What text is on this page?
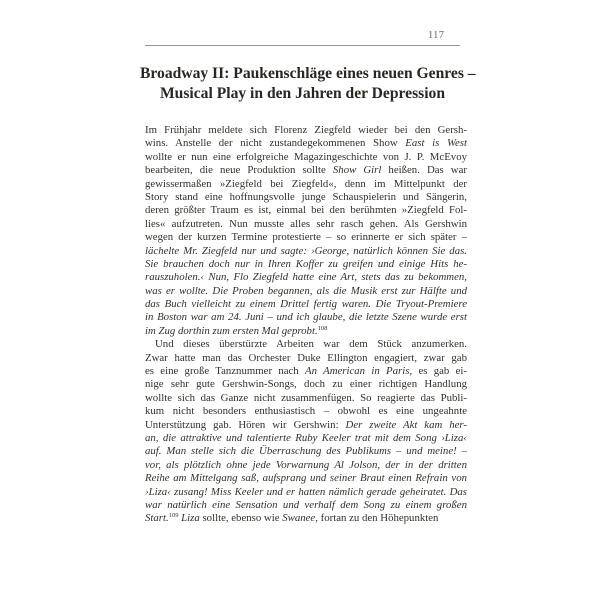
117
Broadway II: Paukenschläge eines neuen Genres –
Musical Play in den Jahren der Depression
Im Frühjahr meldete sich Florenz Ziegfeld wieder bei den Gersh-
wins. Anstelle der nicht zustandegekommenen Show East is West
wollte er nun eine erfolgreiche Magazingeschichte von J. P. McEvoy
bearbeiten, die neue Produktion sollte Show Girl heißen. Das war
gewissermaßen »Ziegfeld bei Ziegfeld«, denn im Mittelpunkt der
Story stand eine hoffnungsvolle junge Schauspielerin und Sängerin,
deren größter Traum es ist, einmal bei den berühmten »Ziegfeld Fol-
lies« aufzutreten. Nun musste alles sehr rasch gehen. Als Gershwin
wegen der kurzen Termine protestierte – so erinnerte er sich später –
lächelte Mr. Ziegfeld nur und sagte: ›George, natürlich können Sie das.
Sie brauchen doch nur in Ihren Koffer zu greifen und einige Hits he-
rauszuholen.‹ Nun, Flo Ziegfeld hatte eine Art, stets das zu bekommen,
was er wollte. Die Proben begannen, als die Musik erst zur Hälfte und
das Buch vielleicht zu einem Drittel fertig waren. Die Tryout-Premiere
in Boston war am 24. Juni – und ich glaube, die letzte Szene wurde erst
im Zug dorthin zum ersten Mal geprobt.$^{108}$
Und dieses überstürzte Arbeiten war dem Stück anzumerken.
Zwar hatte man das Orchester Duke Ellington engagiert, zwar gab
es eine große Tanznummer nach An American in Paris, es gab ei-
nige sehr gute Gershwin-Songs, doch zu einer richtigen Handlung
wollte sich das Ganze nicht zusammenfügen. So reagierte das Publi-
kum nicht besonders enthusiastisch – obwohl es eine ungeahnte
Unterstützung gab. Hören wir Gershwin: Der zweite Akt kam her-
an, die attraktive und talentierte Ruby Keeler trat mit dem Song ›Liza‹
auf. Man stelle sich die Überraschung des Publikums – und meine! –
vor, als plötzlich ohne jede Vorwarnung Al Jolson, der in der dritten
Reihe am Mittelgang saß, aufsprang und seiner Braut einen Refrain von
›Liza‹ zusang! Miss Keeler und er hatten nämlich gerade geheiratet. Das
war natürlich eine Sensation und verhalf dem Song zu einem großen
Start.$^{109}$ Liza sollte, ebenso wie Swanee, fortan zu den Höhepunkten
